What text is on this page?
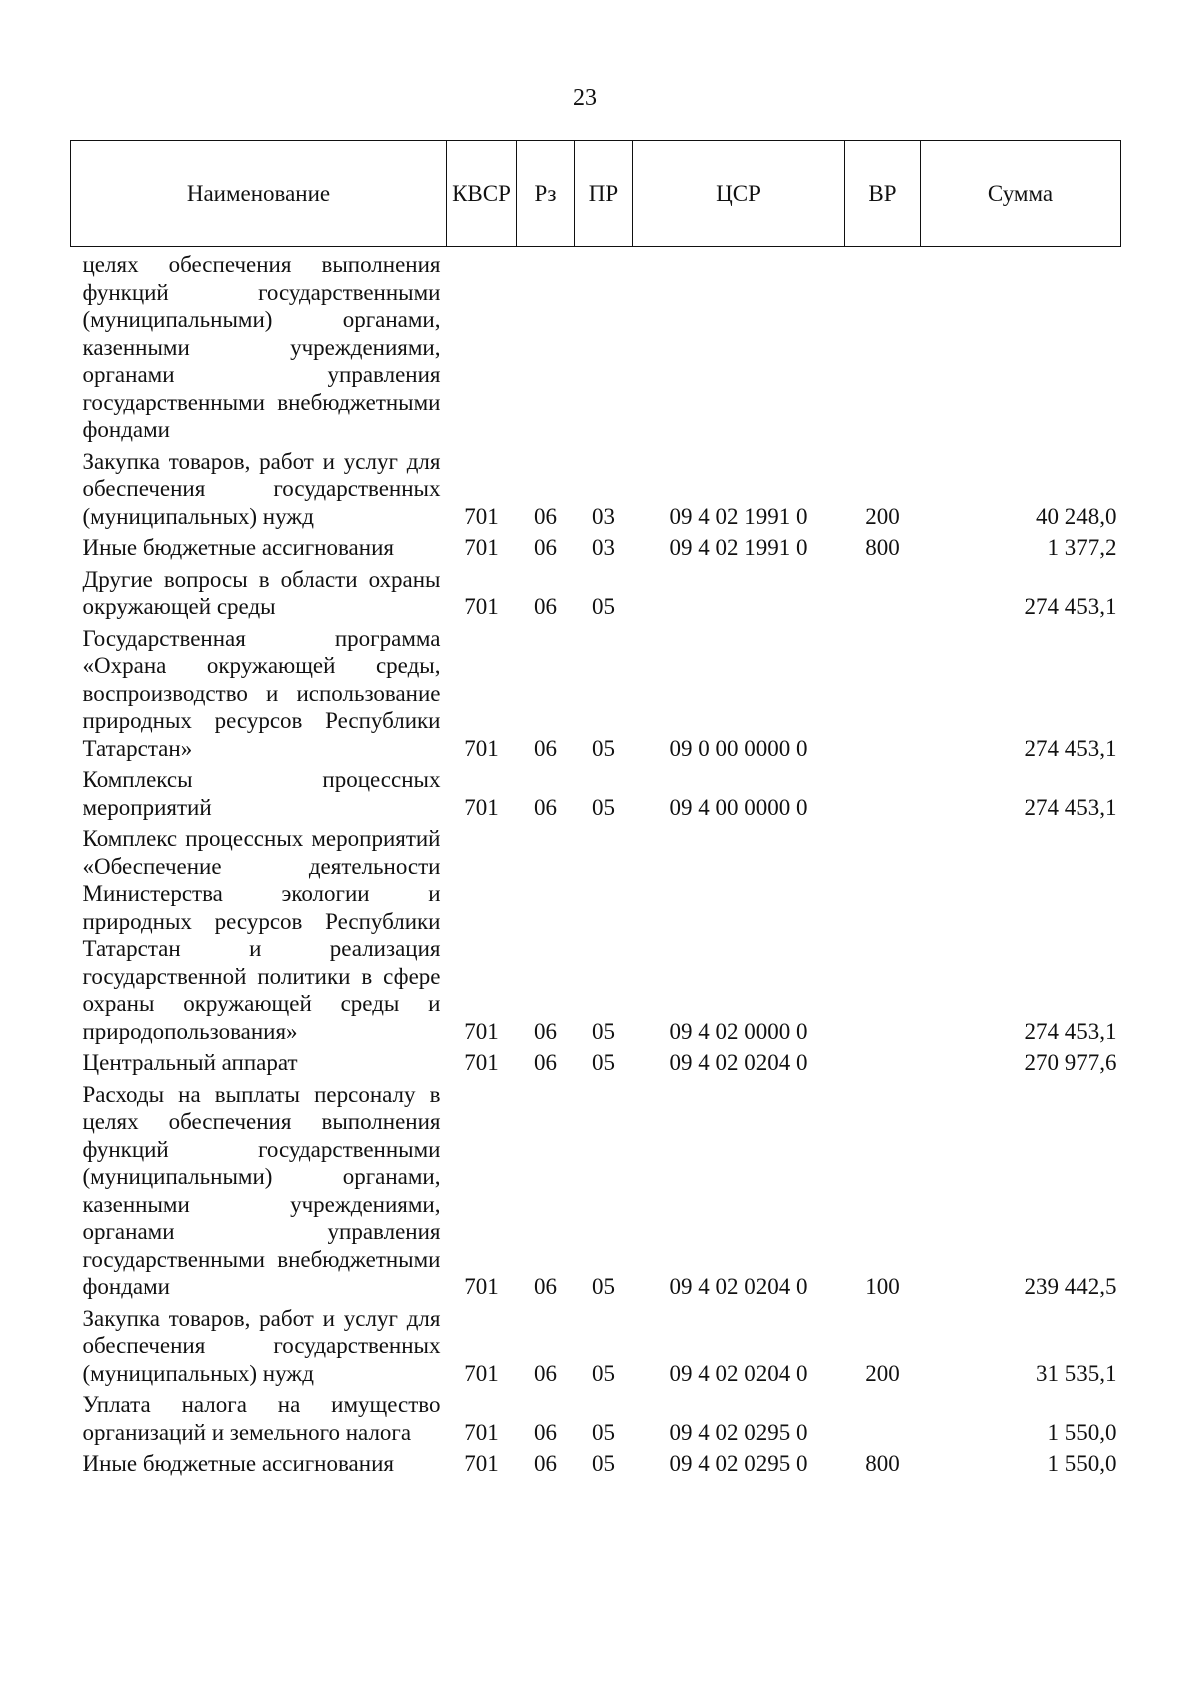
23
Наименование	КВСР	Рз	ПР	ЦСР	ВР	Сумма
целях обеспечения выполнения функций государственными (муниципальными) органами, казенными учреждениями, органами управления государственными внебюджетными фондами						
Закупка товаров, работ и услуг для обеспечения государственных (муниципальных) нужд	701	06	03	09 4 02 1991 0	200	40 248,0
Иные бюджетные ассигнования	701	06	03	09 4 02 1991 0	800	1 377,2
Другие вопросы в области охраны окружающей среды	701	06	05			274 453,1
Государственная программа «Охрана окружающей среды, воспроизводство и использование природных ресурсов Республики Татарстан»	701	06	05	09 0 00 0000 0		274 453,1
Комплексы процессных мероприятий	701	06	05	09 4 00 0000 0		274 453,1
Комплекс процессных мероприятий «Обеспечение деятельности Министерства экологии и природных ресурсов Республики Татарстан и реализация государственной политики в сфере охраны окружающей среды и природопользования»	701	06	05	09 4 02 0000 0		274 453,1
Центральный аппарат	701	06	05	09 4 02 0204 0		270 977,6
Расходы на выплаты персоналу в целях обеспечения выполнения функций государственными (муниципальными) органами, казенными учреждениями, органами управления государственными внебюджетными фондами	701	06	05	09 4 02 0204 0	100	239 442,5
Закупка товаров, работ и услуг для обеспечения государственных (муниципальных) нужд	701	06	05	09 4 02 0204 0	200	31 535,1
Уплата налога на имущество организаций и земельного налога	701	06	05	09 4 02 0295 0		1 550,0
Иные бюджетные ассигнования	701	06	05	09 4 02 0295 0	800	1 550,0
